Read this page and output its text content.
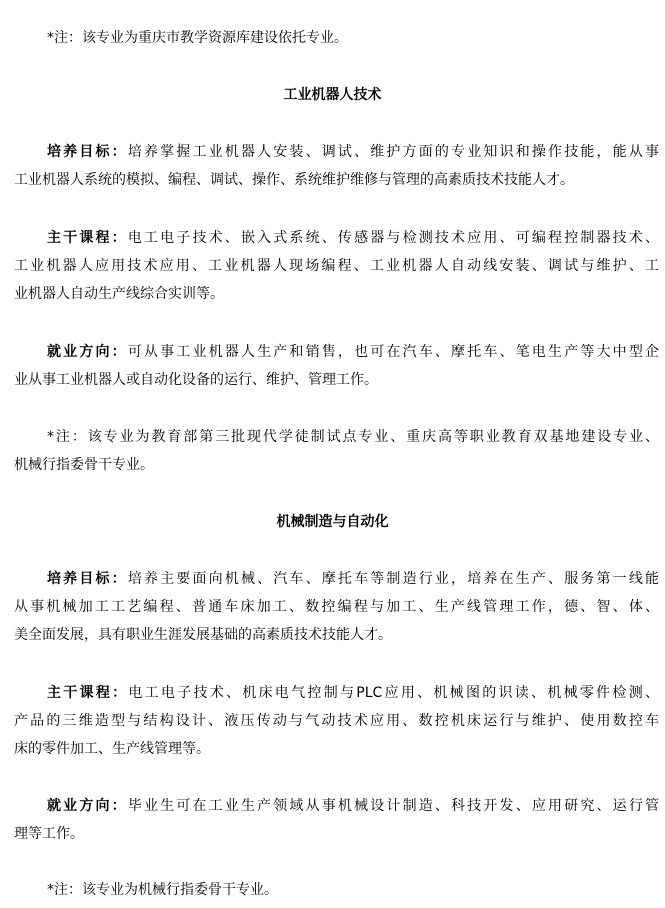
*注：该专业为重庆市教学资源库建设依托专业。
工业机器人技术
培养目标：培养掌握工业机器人安装、调试、维护方面的专业知识和操作技能，能从事
工业机器人系统的模拟、编程、调试、操作、系统维护维修与管理的高素质技术技能人才。
主干课程：电工电子技术、嵌入式系统、传感器与检测技术应用、可编程控制器技术、
工业机器人应用技术应用、工业机器人现场编程、工业机器人自动线安装、调试与维护、工
业机器人自动生产线综合实训等。
就业方向：可从事工业机器人生产和销售，也可在汽车、摩托车、笔电生产等大中型企
业从事工业机器人或自动化设备的运行、维护、管理工作。
*注：该专业为教育部第三批现代学徒制试点专业、重庆高等职业教育双基地建设专业、
机械行指委骨干专业。
机械制造与自动化
培养目标：培养主要面向机械、汽车、摩托车等制造行业，培养在生产、服务第一线能
从事机械加工工艺编程、普通车床加工、数控编程与加工、生产线管理工作，德、智、体、
美全面发展，具有职业生涯发展基础的高素质技术技能人才。
主干课程：电工电子技术、机床电气控制与PLC应用、机械图的识读、机械零件检测、
产品的三维造型与结构设计、液压传动与气动技术应用、数控机床运行与维护、使用数控车
床的零件加工、生产线管理等。
就业方向：毕业生可在工业生产领域从事机械设计制造、科技开发、应用研究、运行管
理等工作。
*注：该专业为机械行指委骨干专业。
